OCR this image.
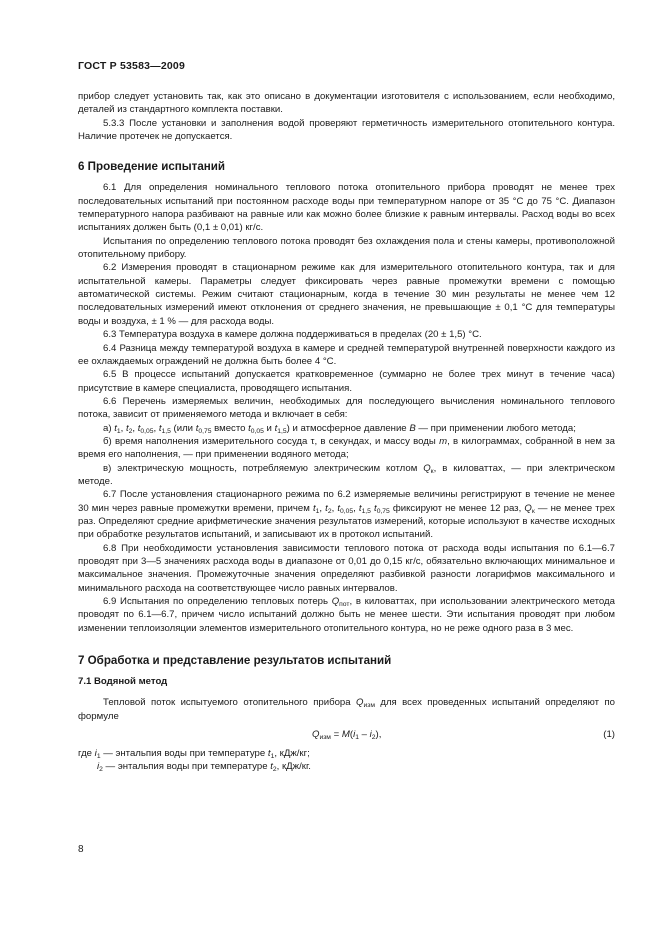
ГОСТ Р 53583—2009

прибор следует установить так, как это описано в документации изготовителя с использованием, если необходимо, деталей из стандартного комплекта поставки.

5.3.3 После установки и заполнения водой проверяют герметичность измерительного отопительного контура. Наличие протечек не допускается.

6 Проведение испытаний

6.1 Для определения номинального теплового потока отопительного прибора проводят не менее трех последовательных испытаний при постоянном расходе воды при температурном напоре от 35 °С до 75 °С. Диапазон температурного напора разбивают на равные или как можно более близкие к равным интервалы. Расход воды во всех испытаниях должен быть (0,1 ± 0,01) кг/с.

Испытания по определению теплового потока проводят без охлаждения пола и стены камеры, противоположной отопительному прибору.

6.2 Измерения проводят в стационарном режиме как для измерительного отопительного контура, так и для испытательной камеры. Параметры следует фиксировать через равные промежутки времени с помощью автоматической системы. Режим считают стационарным, когда в течение 30 мин результаты не менее чем 12 последовательных измерений имеют отклонения от среднего значения, не превышающие ± 0,1 °С для температуры воды и воздуха, ± 1 % — для расхода воды.

6.3 Температура воздуха в камере должна поддерживаться в пределах (20 ± 1,5) °С.

6.4 Разница между температурой воздуха в камере и средней температурой внутренней поверхности каждого из ее охлаждаемых ограждений не должна быть более 4 °С.

6.5 В процессе испытаний допускается кратковременное (суммарно не более трех минут в течение часа) присутствие в камере специалиста, проводящего испытания.

6.6 Перечень измеряемых величин, необходимых для последующего вычисления номинального теплового потока, зависит от применяемого метода и включает в себя:

а) $t_1$, $t_2$, $t_{0,05}$, $t_{1,5}$ (или $t_{0,75}$ вместо $t_{0,05}$ и $t_{1,5}$) и атмосферное давление B — при применении любого метода;

б) время наполнения измерительного сосуда τ, в секундах, и массу воды m, в килограммах, собранной в нем за время его наполнения, — при применении водяного метода;

в) электрическую мощность, потребляемую электрическим котлом $Q_к$, в киловаттах, — при электрическом методе.

6.7 После установления стационарного режима по 6.2 измеряемые величины регистрируют в течение не менее 30 мин через равные промежутки времени, причем $t_1$, $t_2$, $t_{0,05}$, $t_{1,5}$ $t_{0,75}$ фиксируют не менее 12 раз, $Q_к$ — не менее трех раз. Определяют средние арифметические значения результатов измерений, которые используют в качестве исходных при обработке результатов испытаний, и записывают их в протокол испытаний.

6.8 При необходимости установления зависимости теплового потока от расхода воды испытания по 6.1—6.7 проводят при 3—5 значениях расхода воды в диапазоне от 0,01 до 0,15 кг/с, обязательно включающих минимальное и максимальное значения. Промежуточные значения определяют разбивкой разности логарифмов максимального и минимального расхода на соответствующее число равных интервалов.

6.9 Испытания по определению тепловых потерь $Q_{пот}$, в киловаттах, при использовании электрического метода проводят по 6.1—6.7, причем число испытаний должно быть не менее шести. Эти испытания проводят при любом изменении теплоизоляции элементов измерительного отопительного контура, но не реже одного раза в 3 мес.

7 Обработка и представление результатов испытаний
7.1 Водяной метод

Тепловой поток испытуемого отопительного прибора $Q_{изм}$ для всех проведенных испытаний определяют по формуле

$Q_{изм} = M(i_1 - i_2)$,	(1)

где $i_1$ — энтальпия воды при температуре $t_1$, кДж/кг;

$i_2$ — энтальпия воды при температуре $t_2$, кДж/кг.

8
